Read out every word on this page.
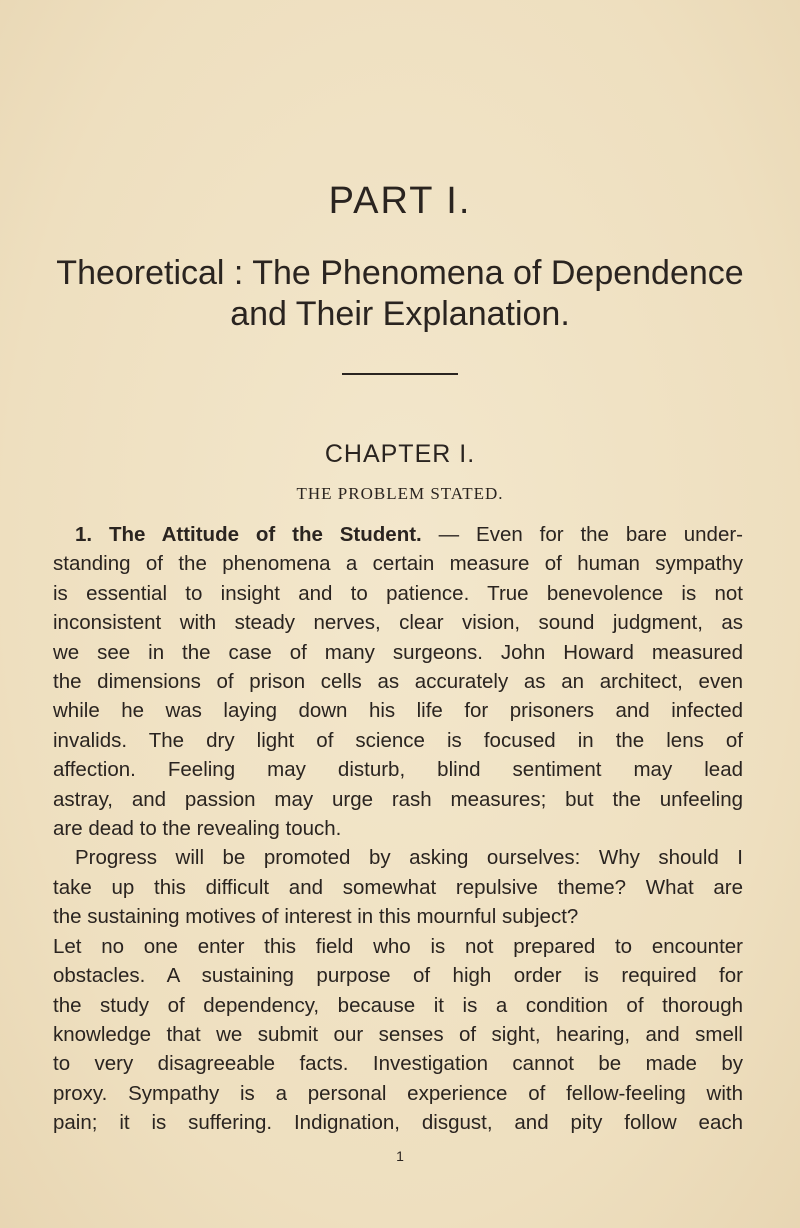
PART I.
Theoretical : The Phenomena of Dependence
and Their Explanation.
CHAPTER I.
THE PROBLEM STATED.
1. The Attitude of the Student. — Even for the bare under-
standing of the phenomena a certain measure of human sympathy
is essential to insight and to patience. True benevolence is not
inconsistent with steady nerves, clear vision, sound judgment, as
we see in the case of many surgeons. John Howard measured
the dimensions of prison cells as accurately as an architect, even
while he was laying down his life for prisoners and infected
invalids. The dry light of science is focused in the lens of
affection. Feeling may disturb, blind sentiment may lead
astray, and passion may urge rash measures; but the unfeeling
are dead to the revealing touch.
Progress will be promoted by asking ourselves: Why should I
take up this difficult and somewhat repulsive theme? What are
the sustaining motives of interest in this mournful subject?
Let no one enter this field who is not prepared to encounter
obstacles. A sustaining purpose of high order is required for
the study of dependency, because it is a condition of thorough
knowledge that we submit our senses of sight, hearing, and smell
to very disagreeable facts. Investigation cannot be made by
proxy. Sympathy is a personal experience of fellow-feeling with
pain; it is suffering. Indignation, disgust, and pity follow each
1
